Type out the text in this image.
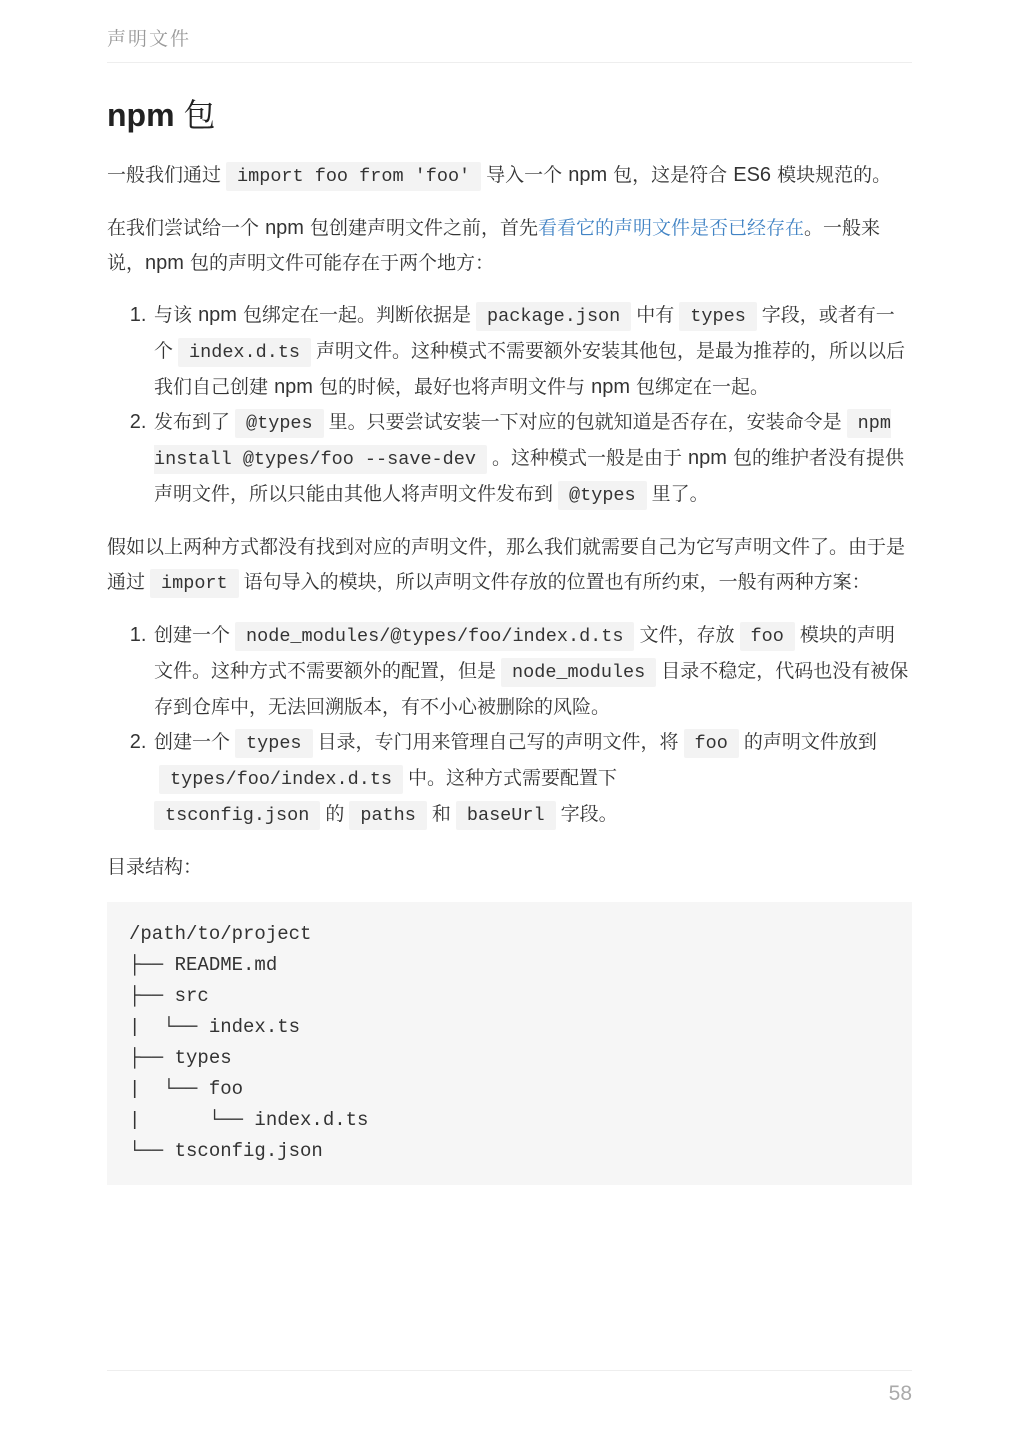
声明文件
npm 包

一般我们通过 import foo from 'foo' 导入一个 npm 包，这是符合 ES6 模块规范的。

在我们尝试给一个 npm 包创建声明文件之前，首先看看它的声明文件是否已经存在。一般来说，npm 包的声明文件可能存在于两个地方：

1. 与该 npm 包绑定在一起。判断依据是 package.json 中有 types 字段，或者有一个 index.d.ts 声明文件。这种模式不需要额外安装其他包，是最为推荐的，所以以后我们自己创建 npm 包的时候，最好也将声明文件与 npm 包绑定在一起。
2. 发布到了 @types 里。只要尝试安装一下对应的包就知道是否存在，安装命令是 npm install @types/foo --save-dev 。这种模式一般是由于 npm 包的维护者没有提供声明文件，所以只能由其他人将声明文件发布到 @types 里了。

假如以上两种方式都没有找到对应的声明文件，那么我们就需要自己为它写声明文件了。由于是通过 import 语句导入的模块，所以声明文件存放的位置也有所约束，一般有两种方案：

1. 创建一个 node_modules/@types/foo/index.d.ts 文件，存放 foo 模块的声明文件。这种方式不需要额外的配置，但是 node_modules 目录不稳定，代码也没有被保存到仓库中，无法回溯版本，有不小心被删除的风险。
2. 创建一个 types 目录，专门用来管理自己写的声明文件，将 foo 的声明文件放到types/foo/index.d.ts 中。这种方式需要配置下
tsconfig.json 的 paths 和 baseUrl 字段。

目录结构：

/path/to/project
├── README.md
├── src
|  └── index.ts
├── types
|  └── foo
|      └── index.d.ts
└── tsconfig.json
58
